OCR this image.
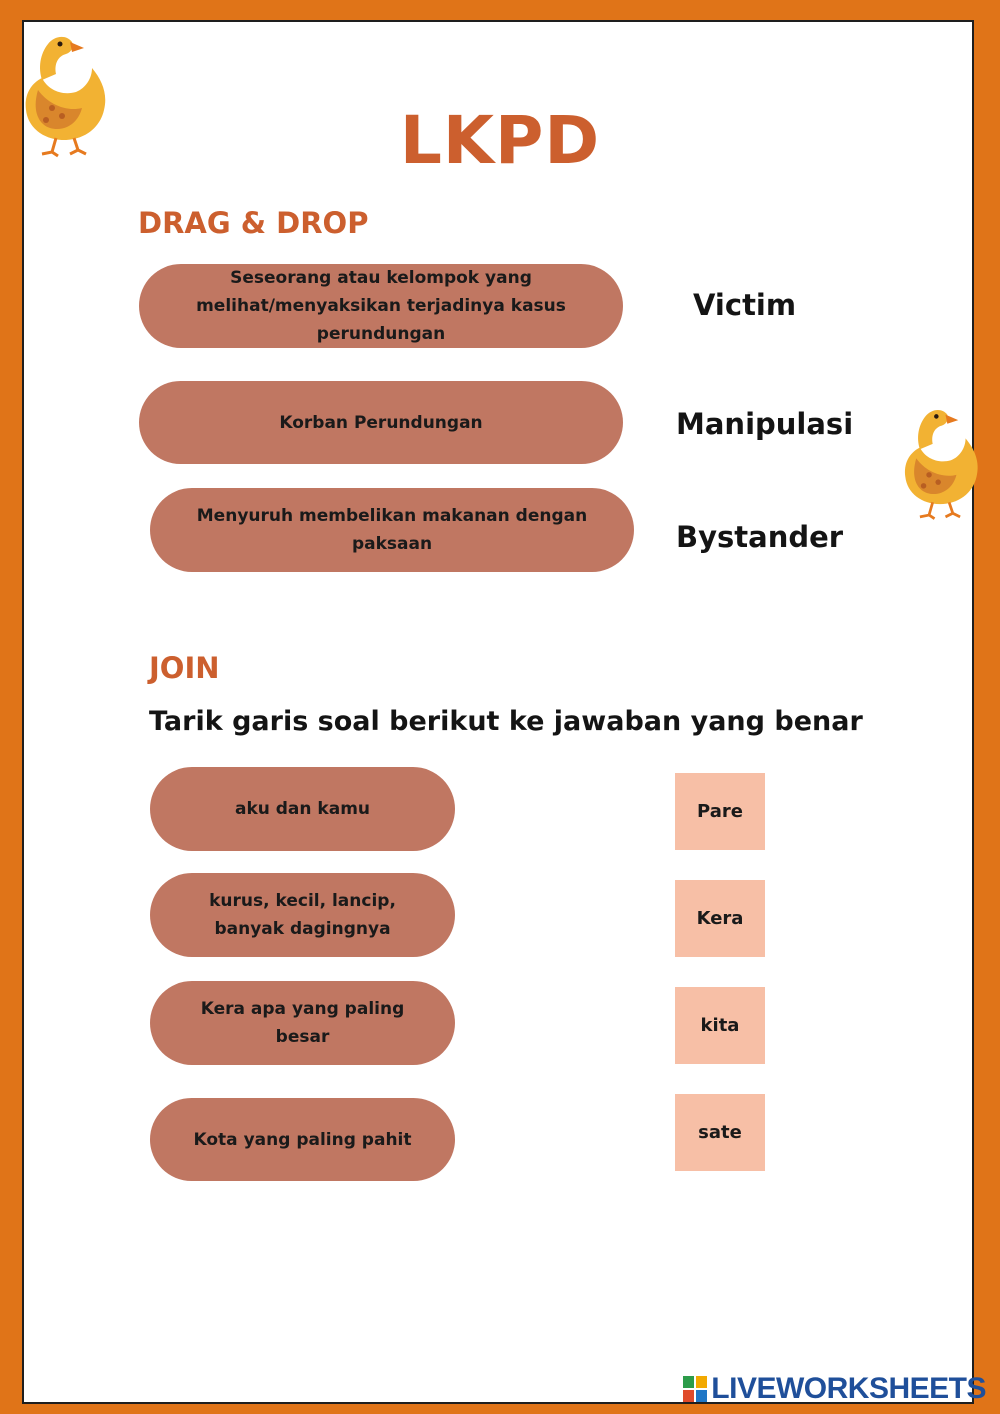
LKPD
DRAG & DROP
Seseorang atau kelompok yang melihat/menyaksikan terjadinya kasus perundungan
Korban Perundungan
Menyuruh membelikan makanan dengan paksaan
Victim
Manipulasi
Bystander
JOIN
Tarik garis soal berikut ke jawaban yang benar
aku dan kamu
kurus, kecil, lancip, banyak dagingnya
Kera apa yang paling besar
Kota yang paling pahit
Pare
Kera
kita
sate
LIVEWORKSHEETS
